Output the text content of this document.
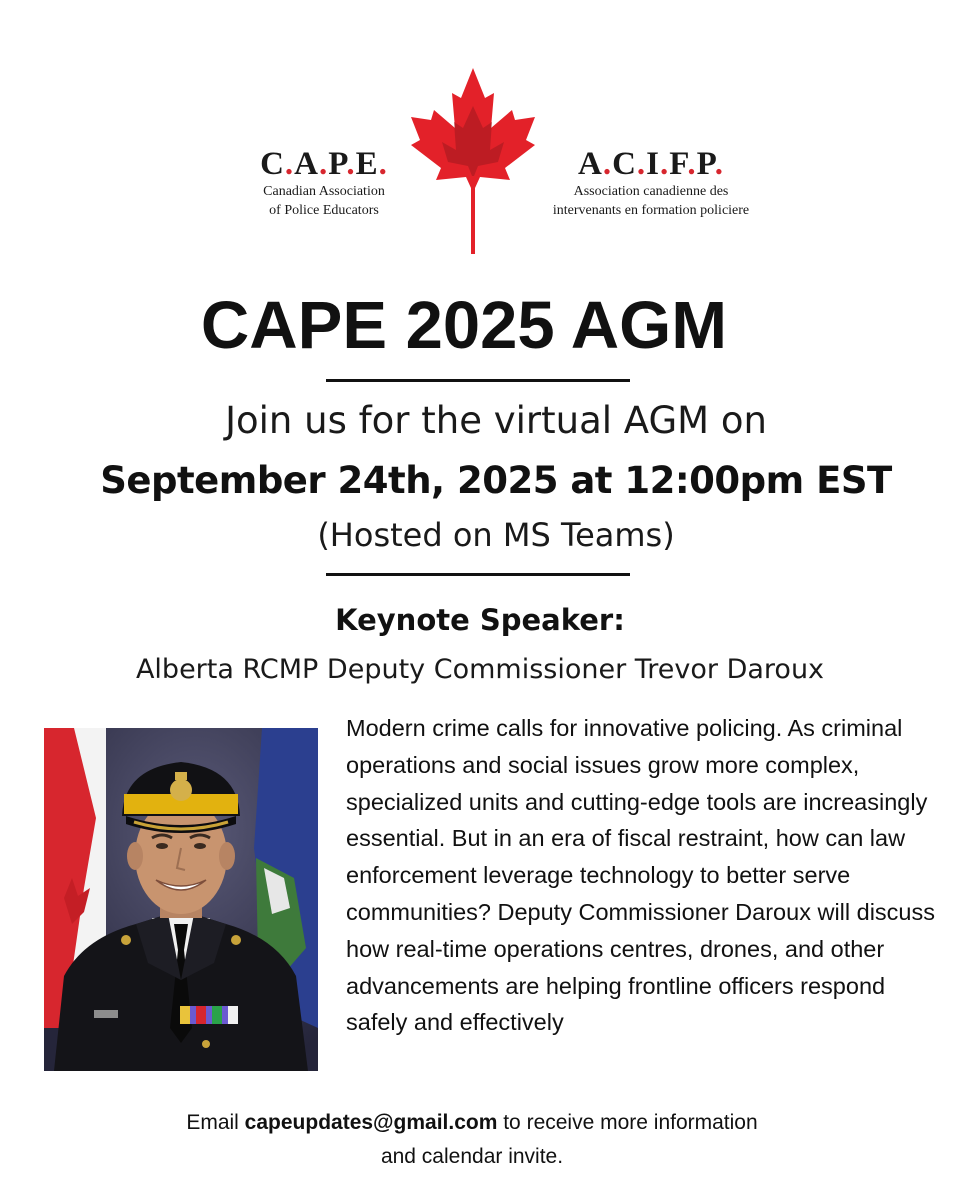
C.A.P.E.
Canadian Association
of Police Educators
A.C.I.F.P.
Association canadienne des
intervenants en formation policiere
CAPE 2025 AGM
Join us for the virtual AGM on
September 24th, 2025 at 12:00pm EST
(Hosted on MS Teams)
Keynote Speaker:
Alberta RCMP Deputy Commissioner Trevor Daroux

Modern crime calls for innovative policing. As criminal operations and social issues grow more complex, specialized units and cutting-edge tools are increasingly essential. But in an era of fiscal restraint, how can law enforcement leverage technology to better serve communities? Deputy Commissioner Daroux will discuss how real-time operations centres, drones, and other advancements are helping frontline officers respond safely and effectively

Email capeupdates@gmail.com to receive more information
and calendar invite.
